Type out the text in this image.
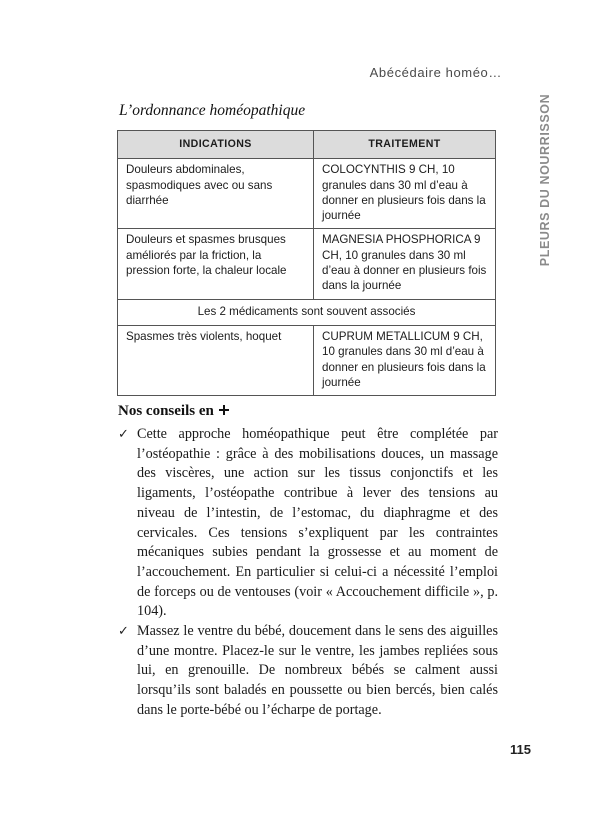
Abécédaire homéo…
PLEURS DU NOURRISSON
L’ordonnance homéopathique
INDICATIONS	TRAITEMENT
Douleurs abdominales, spasmodiques avec ou sans diarrhée	COLOCYNTHIS 9 CH, 10 granules dans 30 ml d’eau à donner en plusieurs fois dans la journée
Douleurs et spasmes brusques améliorés par la friction, la pression forte, la chaleur locale	MAGNESIA PHOSPHORICA 9 CH, 10 granules dans 30 ml d’eau à donner en plusieurs fois dans la journée
Les 2 médicaments sont souvent associés	
Spasmes très violents, hoquet	CUPRUM METALLICUM 9 CH, 10 granules dans 30 ml d’eau à donner en plusieurs fois dans la journée
Nos conseils en
✓ Cette approche homéopathique peut être complétée par l’ostéopathie : grâce à des mobilisations douces, un massage des viscères, une action sur les tissus conjonctifs et les ligaments, l’ostéopathe contribue à lever des tensions au niveau de l’intestin, de l’estomac, du diaphragme et des cervicales. Ces tensions s’expliquent par les contraintes mécaniques subies pendant la grossesse et au moment de l’accouchement. En particulier si celui-ci a nécessité l’emploi de forceps ou de ventouses (voir « Accouchement difficile », p. 104).
✓ Massez le ventre du bébé, doucement dans le sens des aiguilles d’une montre. Placez-le sur le ventre, les jambes repliées sous lui, en grenouille. De nombreux bébés se calment aussi lorsqu’ils sont baladés en poussette ou bien bercés, bien calés dans le porte-bébé ou l’écharpe de portage.
115
